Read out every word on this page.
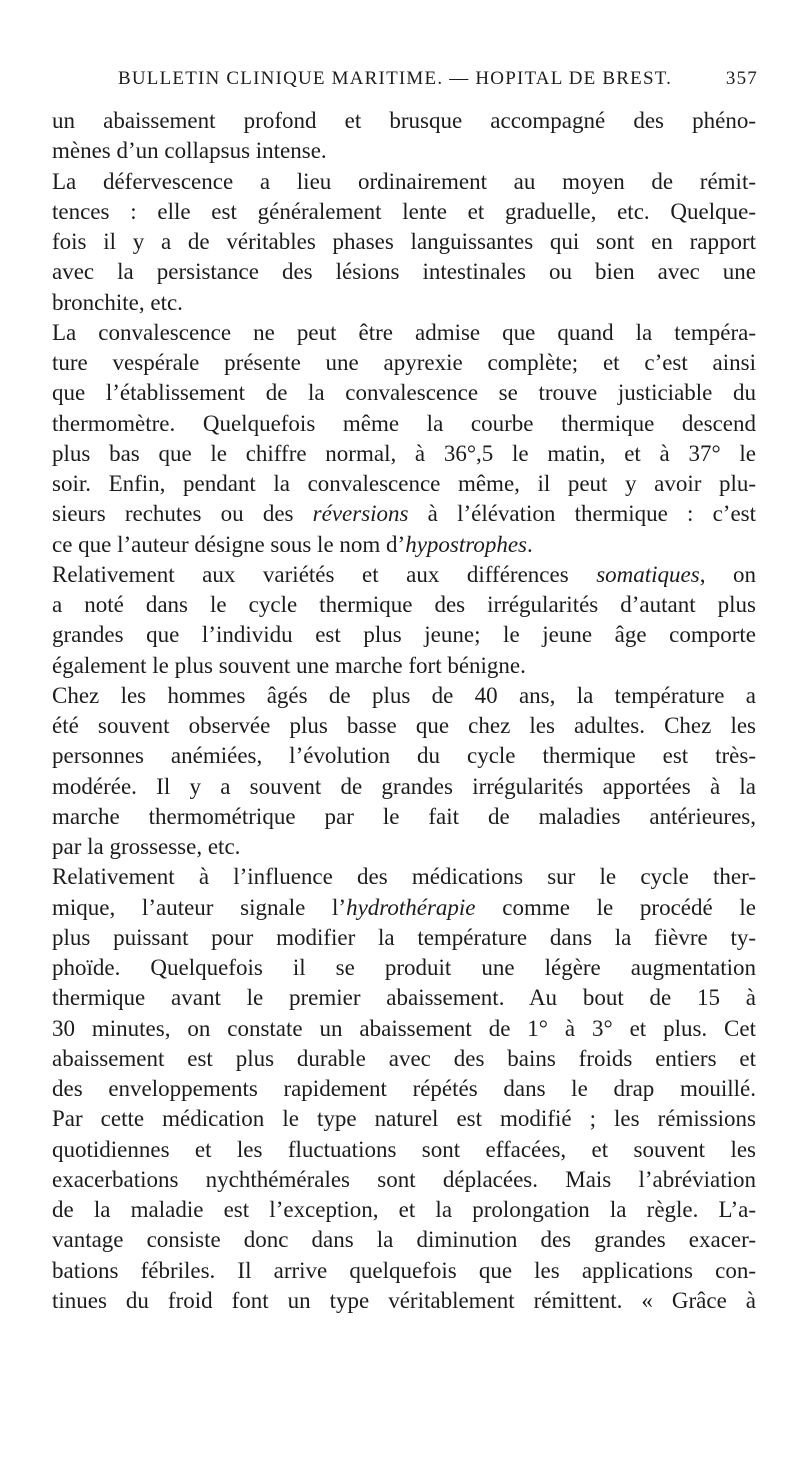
BULLETIN CLINIQUE MARITIME. — HOPITAL DE BREST.	357

un abaissement profond et brusque accompagné des phéno-
mènes d’un collapsus intense.

La défervescence a lieu ordinairement au moyen de rémit-
tences : elle est généralement lente et graduelle, etc. Quelque-
fois il y a de véritables phases languissantes qui sont en rapport
avec la persistance des lésions intestinales ou bien avec une
bronchite, etc.

La convalescence ne peut être admise que quand la tempéra-
ture vespérale présente une apyrexie complète; et c’est ainsi
que l’établissement de la convalescence se trouve justiciable du
thermomètre. Quelquefois même la courbe thermique descend
plus bas que le chiffre normal, à 36°,5 le matin, et à 37° le
soir. Enfin, pendant la convalescence même, il peut y avoir plu-
sieurs rechutes ou des réversions à l’élévation thermique : c’est
ce que l’auteur désigne sous le nom d’hypostrophes.

Relativement aux variétés et aux différences somatiques, on
a noté dans le cycle thermique des irrégularités d’autant plus
grandes que l’individu est plus jeune; le jeune âge comporte
également le plus souvent une marche fort bénigne.

Chez les hommes âgés de plus de 40 ans, la température a
été souvent observée plus basse que chez les adultes. Chez les
personnes anémiées, l’évolution du cycle thermique est très-
modérée. Il y a souvent de grandes irrégularités apportées à la
marche thermométrique par le fait de maladies antérieures,
par la grossesse, etc.

Relativement à l’influence des médications sur le cycle ther-
mique, l’auteur signale l’hydrothérapie comme le procédé le
plus puissant pour modifier la température dans la fièvre ty-
phoïde. Quelquefois il se produit une légère augmentation
thermique avant le premier abaissement. Au bout de 15 à
30 minutes, on constate un abaissement de 1° à 3° et plus. Cet
abaissement est plus durable avec des bains froids entiers et
des enveloppements rapidement répétés dans le drap mouillé.
Par cette médication le type naturel est modifié ; les rémissions
quotidiennes et les fluctuations sont effacées, et souvent les
exacerbations nychthémérales sont déplacées. Mais l’abréviation
de la maladie est l’exception, et la prolongation la règle. L’a-
vantage consiste donc dans la diminution des grandes exacer-
bations fébriles. Il arrive quelquefois que les applications con-
tinues du froid font un type véritablement rémittent. « Grâce à
